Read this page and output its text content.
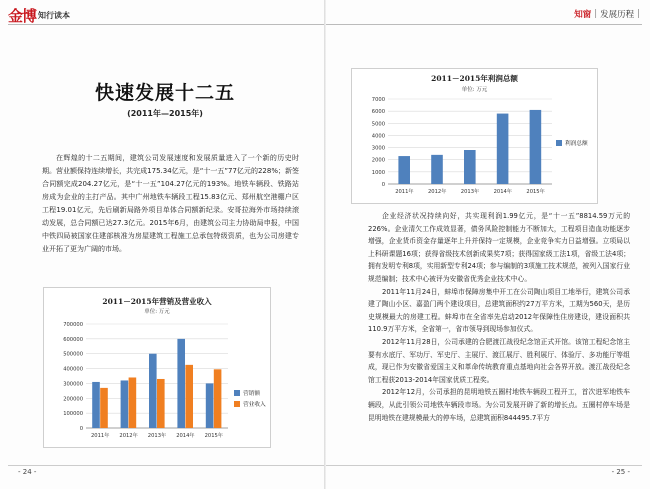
金博 知行读本	知窗 | 发展历程 |
快速发展十二五
(2011年—2015年)

在辉煌的十二五期间，建筑公司发展速度和发展质量进入了一个新的历史时期。营业额保持连续增长，共完成175.34亿元，是“十一五”77亿元的228%；新签合同额完成204.27亿元，是“十一五”104.27亿元的193%。地铁车辆段、铁路站房成为企业的主打产品。其中广州地铁车辆段工程15.83亿元、郑州航空港棚户区工程19.01亿元，先后刷新局路外项目单体合同额新纪录。安哥拉海外市场持续滚动发展，总合同额已达27.3亿元。2015年6月，由建筑公司主力协助局申报，中国中铁四局被国家住建部核准为房屋建筑工程施工总承包特级资质，也为公司房建专业开拓了更为广阔的市场。

0
100000
200000
300000
400000
500000
600000
700000
2011年 2012年 2013年 2014年 2015年
营销额
营业收入
2011－2015年营销及营业收入
单位: 万元
0
1000
2000
3000
4000
5000
6000
7000
2011年	2012年	2013年	2014年	2015年
利润总额
2011－2015年利润总额
单位: 万元

企业经济状况持续向好，共实现利润1.99亿元，是“十一五”8814.59万元的226%。企业清欠工作成效显著，债务风险控制能力不断加大，工程项目造血功能逐步增强，企业货币资金存量逐年上升并保持一定规模，企业竞争实力日益增强。立项局以上科研课题16项；获得省级技术创新成果奖7项；获得国家级工法1项，省级工法4项；拥有发明专利8项，实用新型专利24项；参与编制的3项施工技术规范，被列入国家行业规范编制；技术中心被评为安徽省优秀企业技术中心。

2011年11月24日，蚌埠市保障房集中开工在公司陶山项目工地举行，建筑公司承建了陶山小区、嘉盈门两个建设项目，总建筑面积约27万平方米，工期为560天，是历史规模最大的房建工程。蚌埠市在全省率先启动2012年保障性住房建设，建设面积共110.9万平方米，全省第一，省市领导到现场参加仪式。

2012年11月28日，公司承建的合肥渡江战役纪念馆正式开馆。该馆工程纪念馆主要有水底厅、军功厅、军史厅、主展厅、渡江展厅、胜利展厅、体验厅、多功能厅等组成，现已作为安徽省爱国主义和革命传统教育重点基地向社会各界开放。渡江战役纪念馆工程获2013-2014年国家优质工程奖。

2012年12月，公司承担的昆明地铁五圈村地铁车辆段工程开工，首次进军地铁车辆段，从此引领公司地铁车辆段市场。为公司发展开辟了新的增长点。五圈村停车场是昆明地铁在建规模最大的停车场，总建筑面积844495.7平方

- 24 -	- 25 -
